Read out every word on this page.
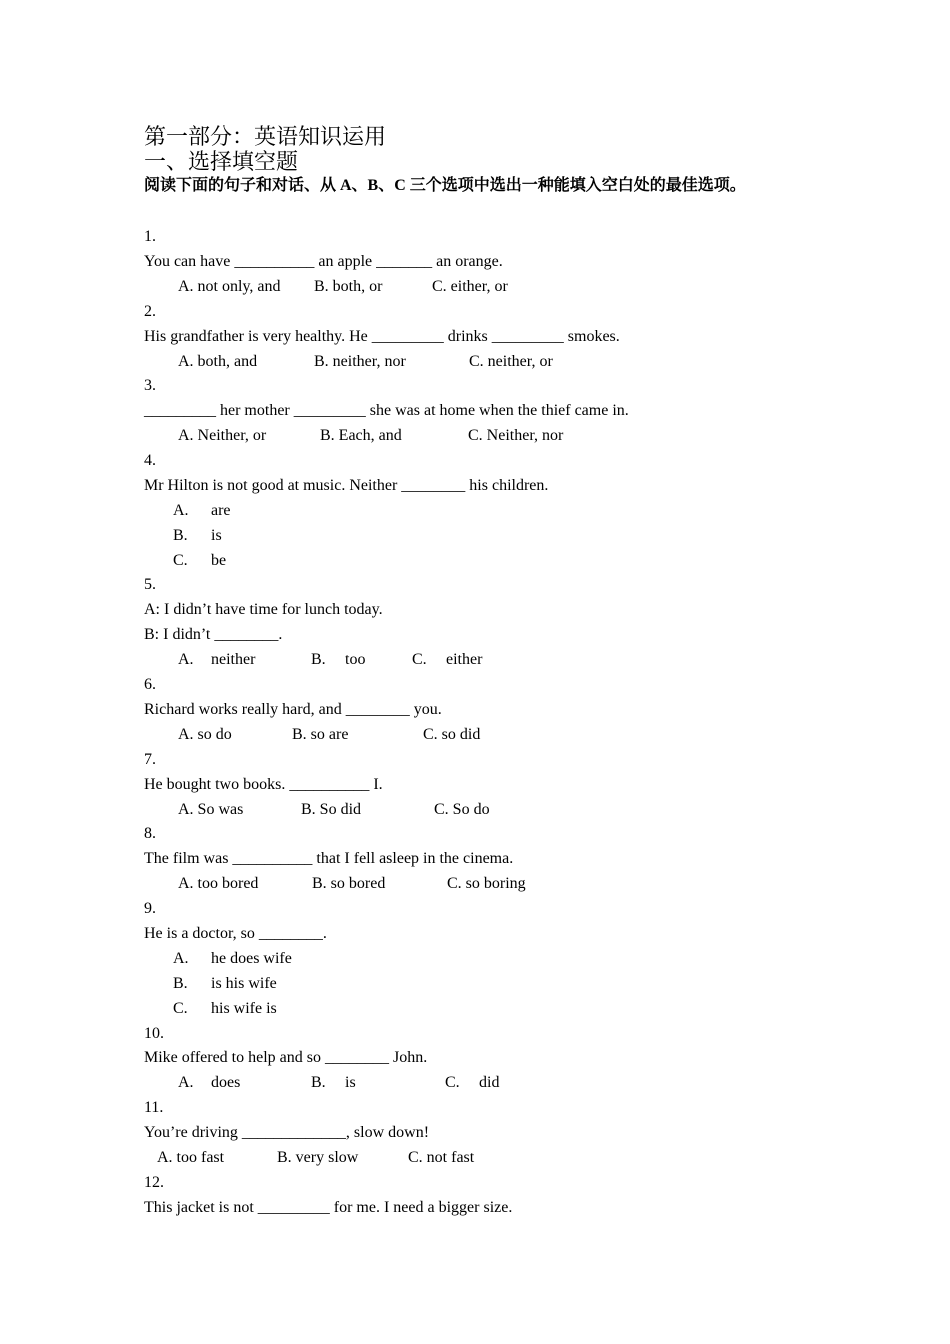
第一部分：英语知识运用
一、选择填空题
阅读下面的句子和对话、从 A、B、C 三个选项中选出一种能填入空白处的最佳选项。
1.
You can have __________ an apple _______ an orange.
A. not only, and B. both, or	C. either, or
2.
His grandfather is very healthy. He _________ drinks _________ smokes.
A. both, and	B. neither, nor	C. neither, or
3.
_________ her mother _________ she was at home when the thief came in.
A. Neither, or	B. Each, and	C. Neither, nor
4.
Mr Hilton is not good at music. Neither ________ his children.
A. are
B. is
C. be
5.
A: I didn’t have time for lunch today.
B: I didn’t ________.
A. neither	B. too	C. either
6.
Richard works really hard, and ________ you.
A. so do	B. so are	C. so did
7.
He bought two books. __________ I.
A. So was	B. So did	C. So do
8.
The film was __________ that I fell asleep in the cinema.
A. too bored	B. so bored	C. so boring
9.
He is a doctor, so ________.
A. he does wife
B. is his wife
C. his wife is
10.
Mike offered to help and so ________ John.
A. does	B. is	C. did
11.
You’re driving _____________, slow down!
A. too fast	B. very slow	C. not fast
12.
This jacket is not _________ for me. I need a bigger size.
